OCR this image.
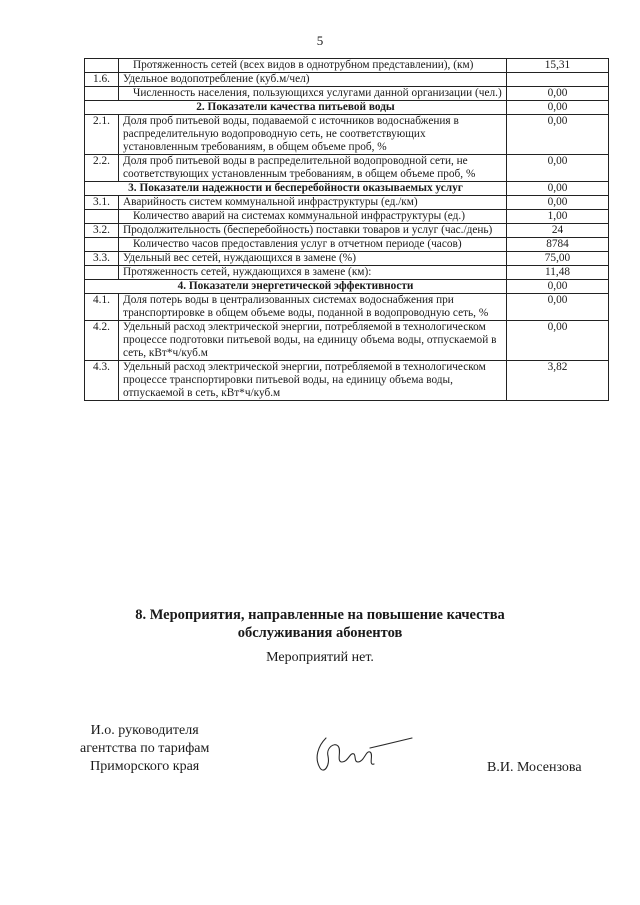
5
	Протяженность сетей (всех видов в однотрубном представлении), (км)	15,31
1.6.	Удельное водопотребление (куб.м/чел)	
	Численность населения, пользующихся услугами данной организации (чел.)	0,00
2. Показатели качества питьевой воды		0,00
2.1.	Доля проб питьевой воды, подаваемой с источников водоснабжения в распределительную водопроводную сеть, не соответствующих установленным требованиям, в общем объеме проб, %	0,00
2.2.	Доля проб питьевой воды в распределительной водопроводной сети, не соответствующих установленным требованиям, в общем объеме проб, %	0,00
3. Показатели надежности и бесперебойности оказываемых услуг		0,00
3.1.	Аварийность систем коммунальной инфраструктуры (ед./км)	0,00
	Количество аварий на системах коммунальной инфраструктуры (ед.)	1,00
3.2.	Продолжительность (бесперебойность) поставки товаров и услуг (час./день)	24
	Количество часов предоставления услуг в отчетном периоде (часов)	8784
3.3.	Удельный вес сетей, нуждающихся в замене (%)	75,00
	Протяженность сетей, нуждающихся в замене (км):	11,48
4. Показатели энергетической эффективности		0,00
4.1.	Доля потерь воды в централизованных системах водоснабжения при транспортировке в общем объеме воды, поданной в водопроводную сеть, %	0,00
4.2.	Удельный расход электрической энергии, потребляемой в технологическом процессе подготовки питьевой воды, на единицу объема воды, отпускаемой в сеть, кВт*ч/куб.м	0,00
4.3.	Удельный расход электрической энергии, потребляемой в технологическом процессе транспортировки питьевой воды, на единицу объема воды, отпускаемой в сеть, кВт*ч/куб.м	3,82
8. Мероприятия, направленные на повышение качества
обслуживания абонентов
Мероприятий нет.
И.о. руководителя
агентства по тарифам
Приморского края	В.И. Мосензова
